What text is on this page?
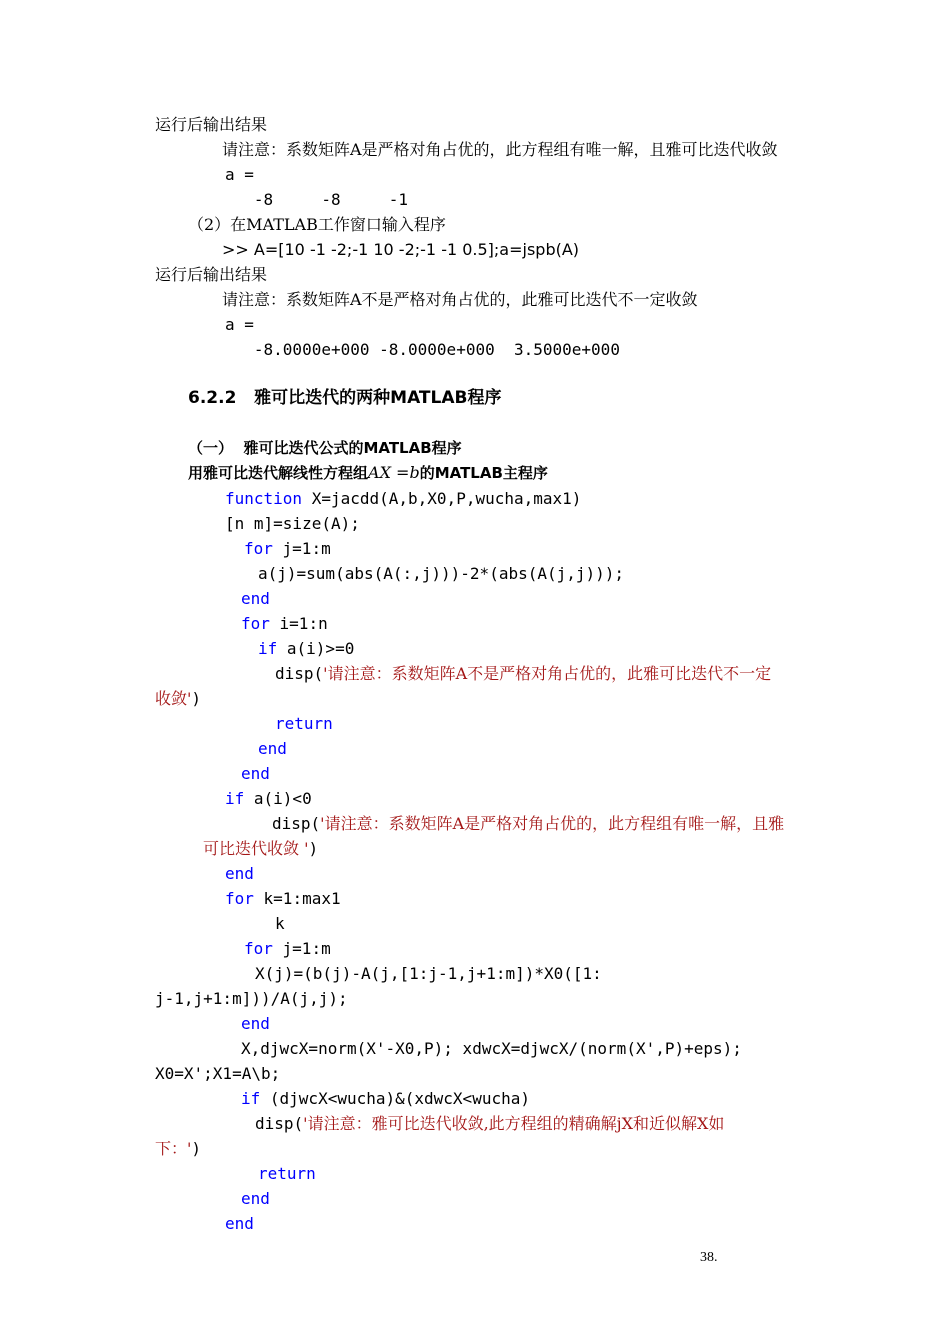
运行后输出结果
请注意：系数矩阵A是严格对角占优的，此方程组有唯一解，且雅可比迭代收敛
a =
-8     -8     -1
（2）在MATLAB工作窗口输入程序
>> A=[10 -1 -2;-1 10 -2;-1 -1 0.5];a=jspb(A)
运行后输出结果
请注意：系数矩阵A不是严格对角占优的，此雅可比迭代不一定收敛
a =
-8.0000e+000 -8.0000e+000  3.5000e+000
6.2.2 雅可比迭代的两种MATLAB程序
（一）  雅可比迭代公式的MATLAB程序
用雅可比迭代解线性方程组AX =b的MATLAB主程序
function X=jacdd(A,b,X0,P,wucha,max1)
[n m]=size(A);
for j=1:m
a(j)=sum(abs(A(:,j)))-2*(abs(A(j,j)));
end
for i=1:n
if a(i)>=0
disp('请注意：系数矩阵A不是严格对角占优的，此雅可比迭代不一定
收敛')
return
end
end
if a(i)<0
disp('请注意：系数矩阵A是严格对角占优的，此方程组有唯一解，且雅
可比迭代收敛 ')
end
for k=1:max1
k
for j=1:m
X(j)=(b(j)-A(j,[1:j-1,j+1:m])*X0([1:
j-1,j+1:m]))/A(j,j);
end
X,djwcX=norm(X'-X0,P); xdwcX=djwcX/(norm(X',P)+eps);
X0=X';X1=A\b;
if (djwcX<wucha)&(xdwcX<wucha)
disp('请注意：雅可比迭代收敛,此方程组的精确解jX和近似解X如
下：')
return
end
end
38.
